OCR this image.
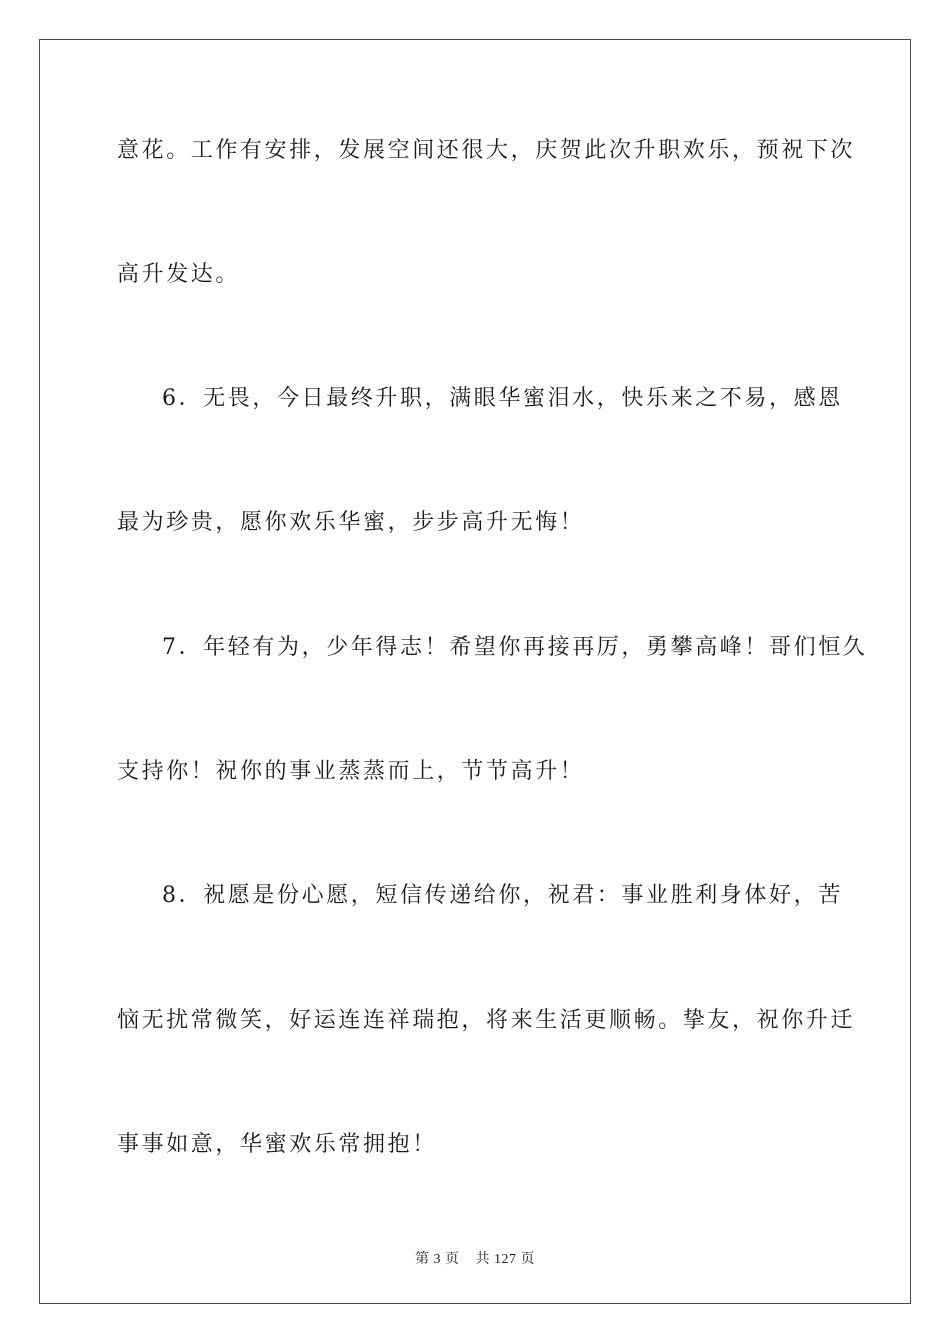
意花。工作有安排，发展空间还很大，庆贺此次升职欢乐，预祝下次
高升发达。
6．无畏，今日最终升职，满眼华蜜泪水，快乐来之不易，感恩
最为珍贵，愿你欢乐华蜜，步步高升无悔！
7．年轻有为，少年得志！希望你再接再厉，勇攀高峰！哥们恒久
支持你！祝你的事业蒸蒸而上，节节高升！
8．祝愿是份心愿，短信传递给你，祝君：事业胜利身体好，苦
恼无扰常微笑，好运连连祥瑞抱，将来生活更顺畅。挚友，祝你升迁
事事如意，华蜜欢乐常拥抱！
第 3 页 共 127 页
